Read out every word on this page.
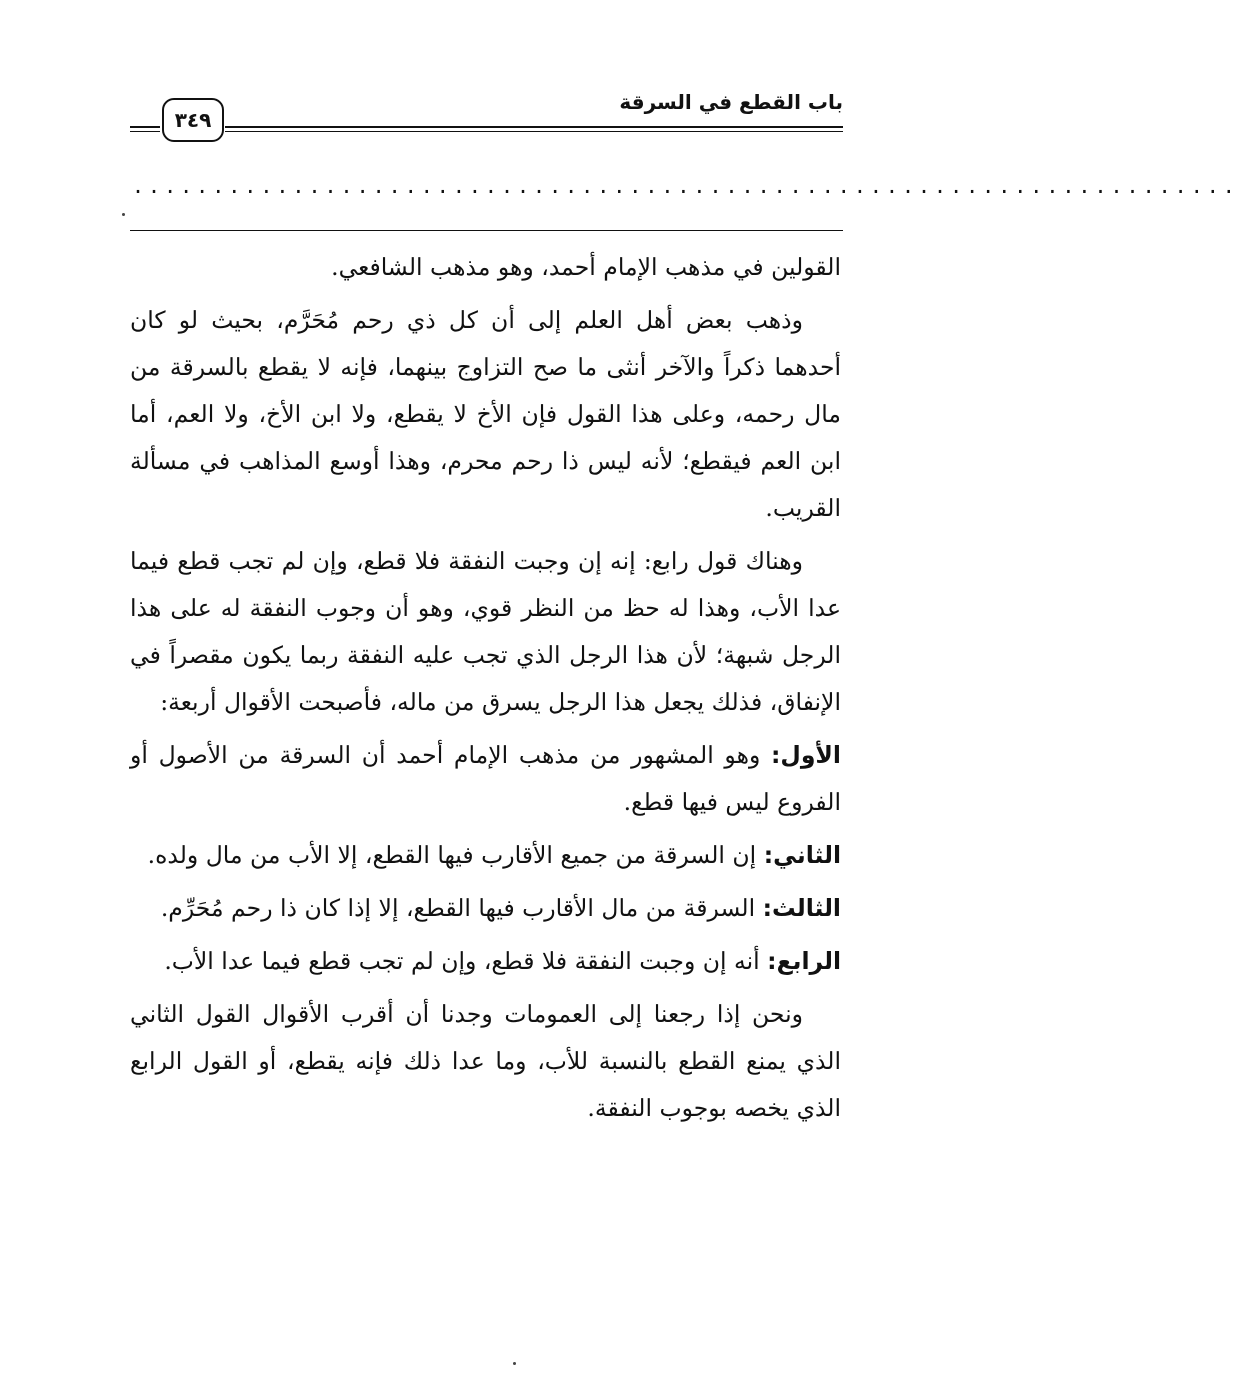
باب القطع في السرقة
٣٤٩
.....................................................................

القولين في مذهب الإمام أحمد، وهو مذهب الشافعي.

وذهب بعض أهل العلم إلى أن كل ذي رحم مُحَرَّم، بحيث لو كان أحدهما ذكراً والآخر أنثى ما صح التزاوج بينهما، فإنه لا يقطع بالسرقة من مال رحمه، وعلى هذا القول فإن الأخ لا يقطع، ولا ابن الأخ، ولا العم، أما ابن العم فيقطع؛ لأنه ليس ذا رحم محرم، وهذا أوسع المذاهب في مسألة القريب.

وهناك قول رابع: إنه إن وجبت النفقة فلا قطع، وإن لم تجب قطع فيما عدا الأب، وهذا له حظ من النظر قوي، وهو أن وجوب النفقة له على هذا الرجل شبهة؛ لأن هذا الرجل الذي تجب عليه النفقة ربما يكون مقصراً في الإنفاق، فذلك يجعل هذا الرجل يسرق من ماله، فأصبحت الأقوال أربعة:

الأول: وهو المشهور من مذهب الإمام أحمد أن السرقة من الأصول أو الفروع ليس فيها قطع.

الثاني: إن السرقة من جميع الأقارب فيها القطع، إلا الأب من مال ولده.

الثالث: السرقة من مال الأقارب فيها القطع، إلا إذا كان ذا رحم مُحَرِّم.

الرابع: أنه إن وجبت النفقة فلا قطع، وإن لم تجب قطع فيما عدا الأب.

ونحن إذا رجعنا إلى العمومات وجدنا أن أقرب الأقوال القول الثاني الذي يمنع القطع بالنسبة للأب، وما عدا ذلك فإنه يقطع، أو القول الرابع الذي يخصه بوجوب النفقة.
